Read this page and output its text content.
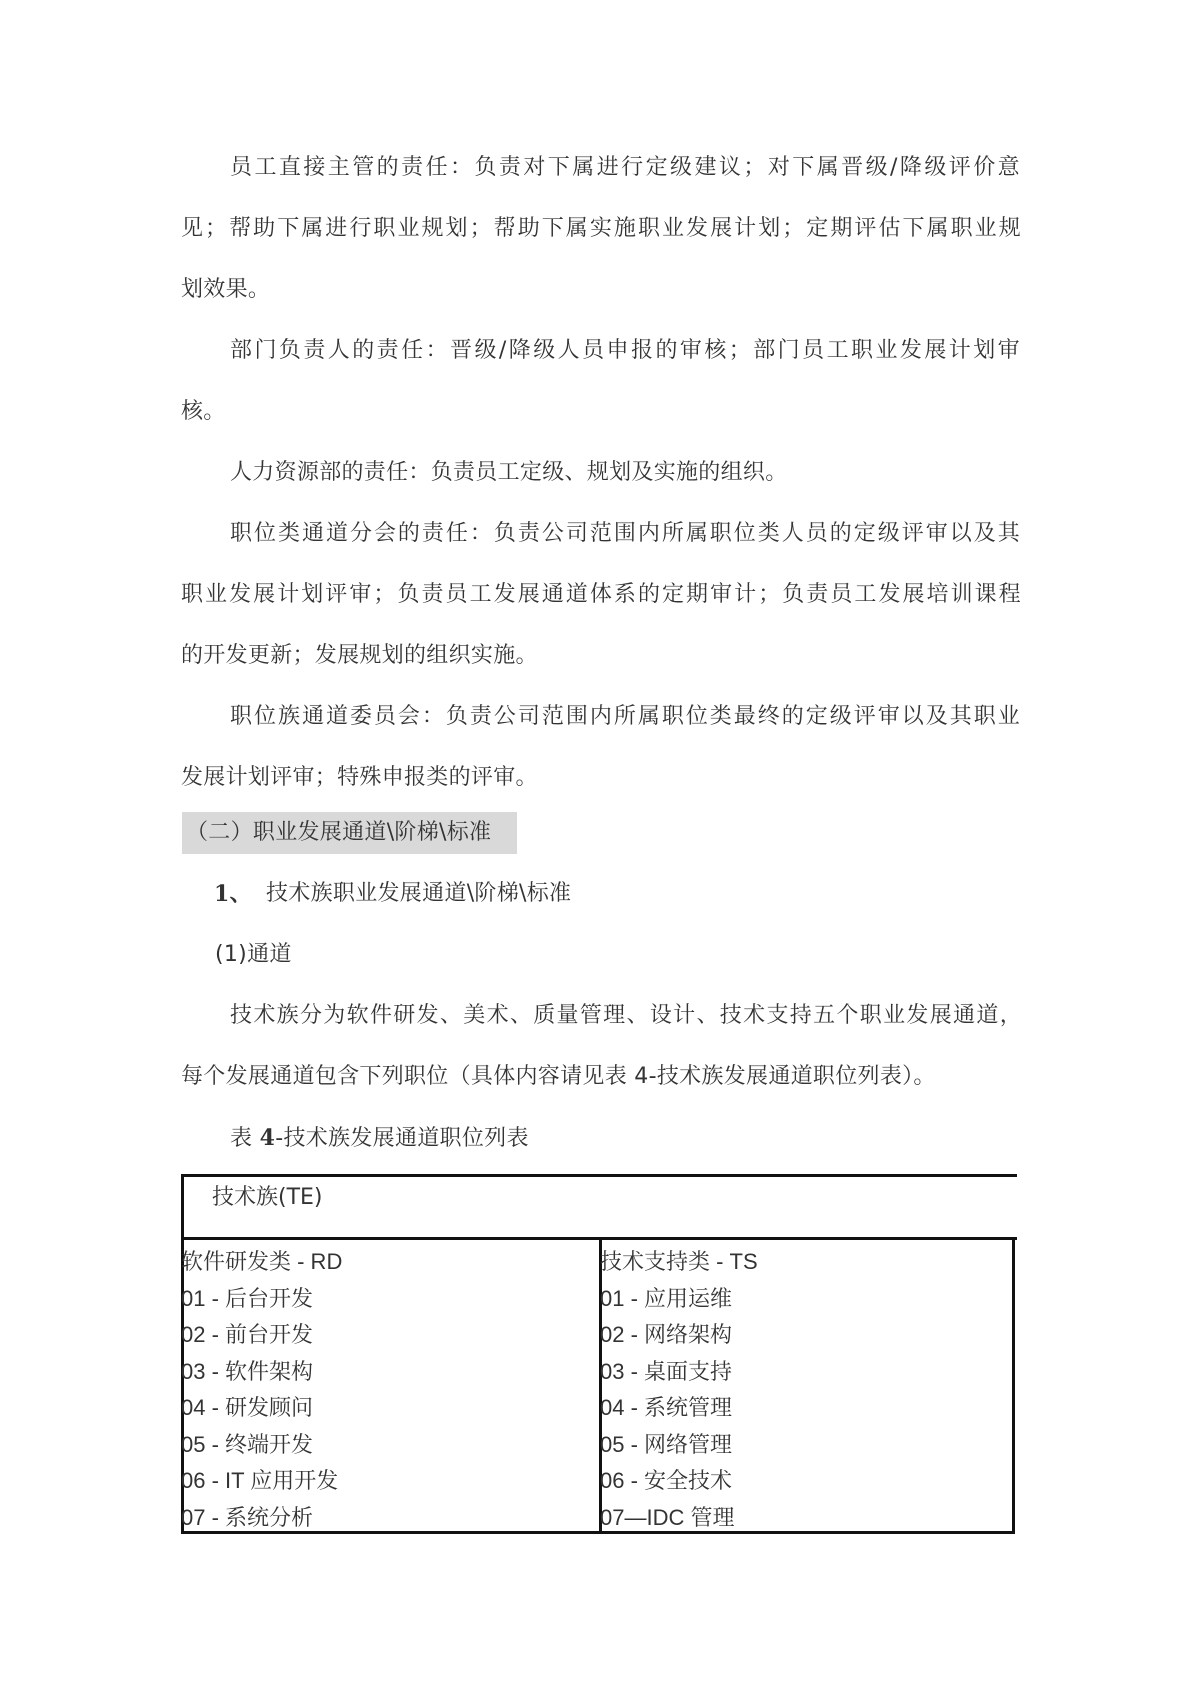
员工直接主管的责任：负责对下属进行定级建议；对下属晋级/降级评价意
见；帮助下属进行职业规划；帮助下属实施职业发展计划；定期评估下属职业规
划效果。
部门负责人的责任：晋级/降级人员申报的审核；部门员工职业发展计划审
核。
人力资源部的责任：负责员工定级、规划及实施的组织。
职位类通道分会的责任：负责公司范围内所属职位类人员的定级评审以及其
职业发展计划评审；负责员工发展通道体系的定期审计；负责员工发展培训课程
的开发更新；发展规划的组织实施。
职位族通道委员会：负责公司范围内所属职位类最终的定级评审以及其职业
发展计划评审；特殊申报类的评审。
（二）职业发展通道\阶梯\标准
1、 技术族职业发展通道\阶梯\标准
(1)通道
技术族分为软件研发、美术、质量管理、设计、技术支持五个职业发展通道，
每个发展通道包含下列职位（具体内容请见表 4-技术族发展通道职位列表）。
表 4-技术族发展通道职位列表
技术族(TE)
软件研发类 - RD
01 - 后台开发
02 - 前台开发
03 - 软件架构
04 - 研发顾问
05 - 终端开发
06 - IT 应用开发
07 - 系统分析
技术支持类 - TS
01 - 应用运维
02 - 网络架构
03 - 桌面支持
04 - 系统管理
05 - 网络管理
06 - 安全技术
07—IDC 管理
